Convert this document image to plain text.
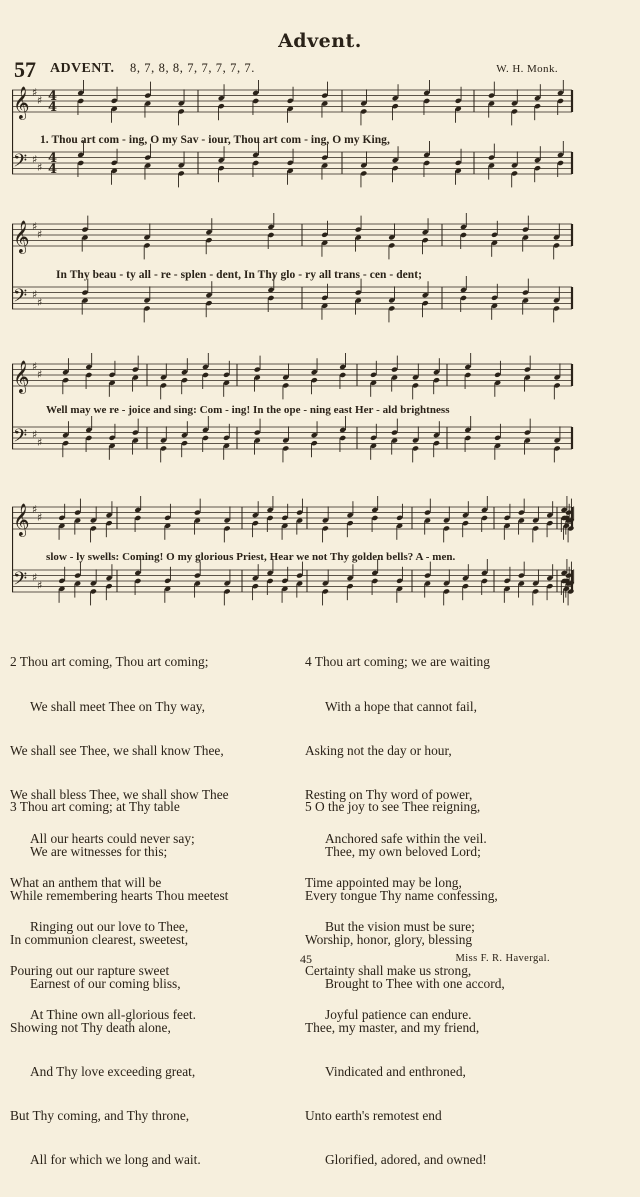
Advent.
57 ADVENT. 8, 7, 8, 8, 7, 7, 7, 7, 7.	W. H. Monk.
𝄞 ♯
♯ 4
4
𝄢 ♯
♯
4
4
𝄞 ♯
♯
𝄢 ♯
♯
𝄞 ♯
♯
𝄢 ♯
♯
𝄞 ♯
♯
𝄢 ♯
♯
1. Thou art com - ing, O my Sav - iour, Thou art com - ing, O my King,
In Thy beau - ty all - re - splen - dent, In Thy glo - ry all trans - cen - dent;
Well may we re - joice and sing: Com - ing! In the ope - ning east Her - ald brightness
slow - ly swells: Coming! O my glorious Priest, Hear we not Thy golden bells? A - men.

2 Thou art coming, Thou art coming;

We shall meet Thee on Thy way,

We shall see Thee, we shall know Thee,

We shall bless Thee, we shall show Thee

All our hearts could never say;

What an anthem that will be

Ringing out our love to Thee,

Pouring out our rapture sweet

At Thine own all-glorious feet.

3 Thou art coming; at Thy table

We are witnesses for this;

While remembering hearts Thou meetest

In communion clearest, sweetest,

Earnest of our coming bliss,

Showing not Thy death alone,

And Thy love exceeding great,

But Thy coming, and Thy throne,

All for which we long and wait.

4 Thou art coming; we are waiting

With a hope that cannot fail,

Asking not the day or hour,

Resting on Thy word of power,

Anchored safe within the veil.

Time appointed may be long,

But the vision must be sure;

Certainty shall make us strong,

Joyful patience can endure.

5 O the joy to see Thee reigning,

Thee, my own beloved Lord;

Every tongue Thy name confessing,

Worship, honor, glory, blessing

Brought to Thee with one accord,

Thee, my master, and my friend,

Vindicated and enthroned,

Unto earth's remotest end

Glorified, adored, and owned!

45	Miss F. R. Havergal.
